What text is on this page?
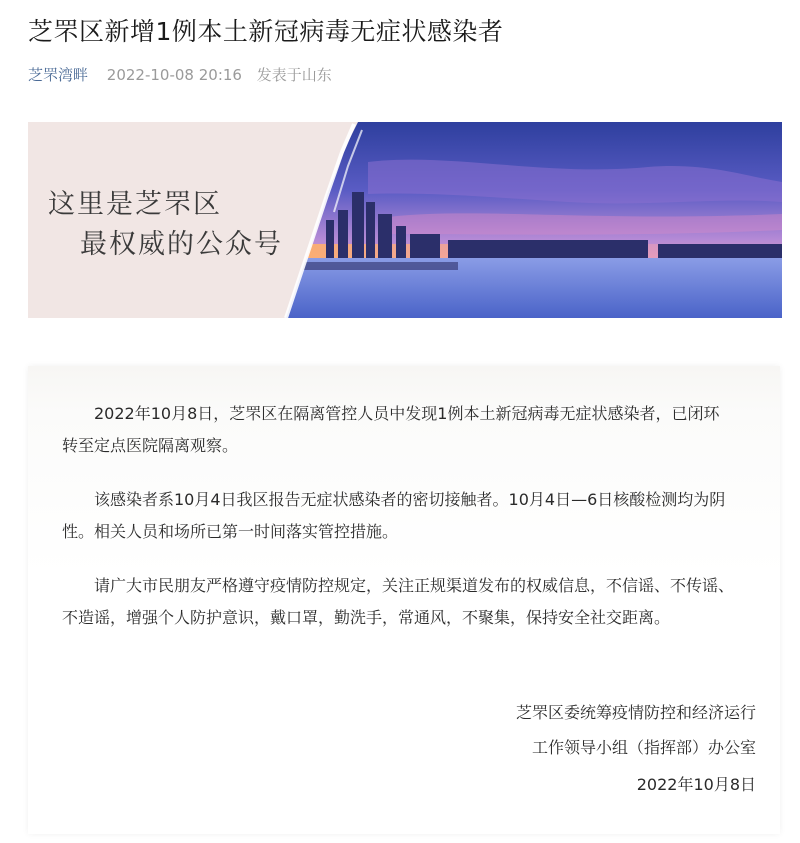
芝罘区新增1例本土新冠病毒无症状感染者
芝罘湾畔 2022-10-08 20:16 发表于山东
这里是芝罘区
最权威的公众号

2022年10月8日，芝罘区在隔离管控人员中发现1例本土新冠病毒无症状感染者，已闭环转至定点医院隔离观察。

该感染者系10月4日我区报告无症状感染者的密切接触者。10月4日—6日核酸检测均为阴性。相关人员和场所已第一时间落实管控措施。

请广大市民朋友严格遵守疫情防控规定，关注正规渠道发布的权威信息，不信谣、不传谣、不造谣，增强个人防护意识，戴口罩，勤洗手，常通风，不聚集，保持安全社交距离。

芝罘区委统筹疫情防控和经济运行
工作领导小组（指挥部）办公室
2022年10月8日
